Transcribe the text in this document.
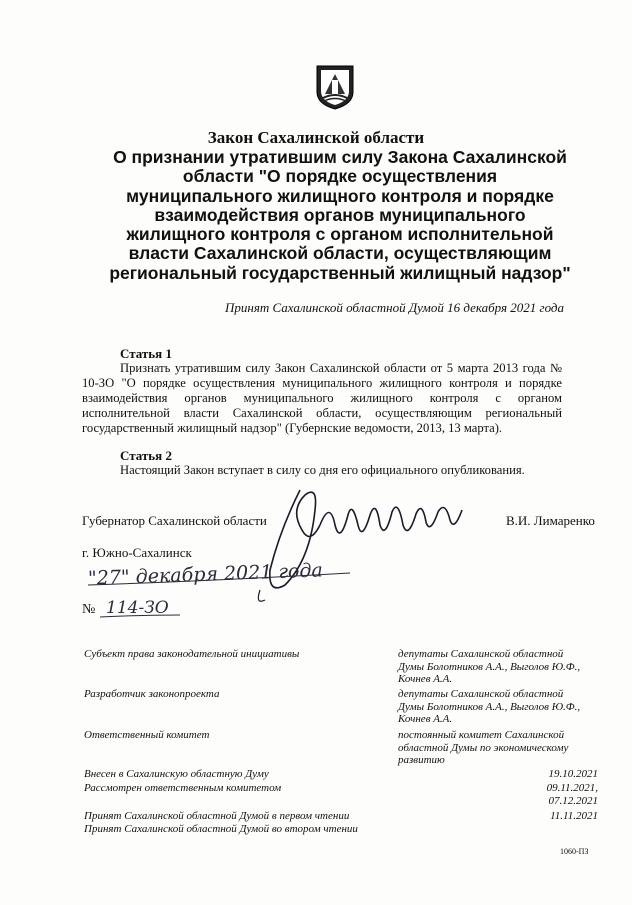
Закон Сахалинской области
О признании утратившим силу Закона Сахалинской
области "О порядке осуществления
муниципального жилищного контроля и порядке
взаимодействия органов муниципального
жилищного контроля с органом исполнительной
власти Сахалинской области, осуществляющим
региональный государственный жилищный надзор"
Принят Сахалинской областной Думой 16 декабря 2021 года
Статья 1
Признать утратившим силу Закон Сахалинской области от 5 марта 2013 года № 10-ЗО "О порядке осуществления муниципального жилищного контроля и порядке взаимодействия органов муниципального жилищного контроля с органом исполнительной власти Сахалинской области, осуществляющим региональный государственный жилищный надзор" (Губернские ведомости, 2013, 13 марта).
Статья 2
Настоящий Закон вступает в силу со дня его официального опубликования.
Губернатор Сахалинской области	В.И. Лимаренко
г. Южно-Сахалинск
"27" декабря 2021 года
114-ЗО
№
Субъект права законодательной инициативы	депутаты Сахалинской областной
Думы Болотников А.А., Выголов Ю.Ф.,
Кочнев А.А.
Разработчик законопроекта	депутаты Сахалинской областной
Думы Болотников А.А., Выголов Ю.Ф.,
Кочнев А.А.
Ответственный комитет	постоянный комитет Сахалинской
областной Думы по экономическому
развитию
Внесен в Сахалинскую областную Думу	19.10.2021
Рассмотрен ответственным комитетом	09.11.2021,
07.12.2021
Принят Сахалинской областной Думой в первом чтении	11.11.2021
Принят Сахалинской областной Думой во втором чтении
1060-ПЗ
